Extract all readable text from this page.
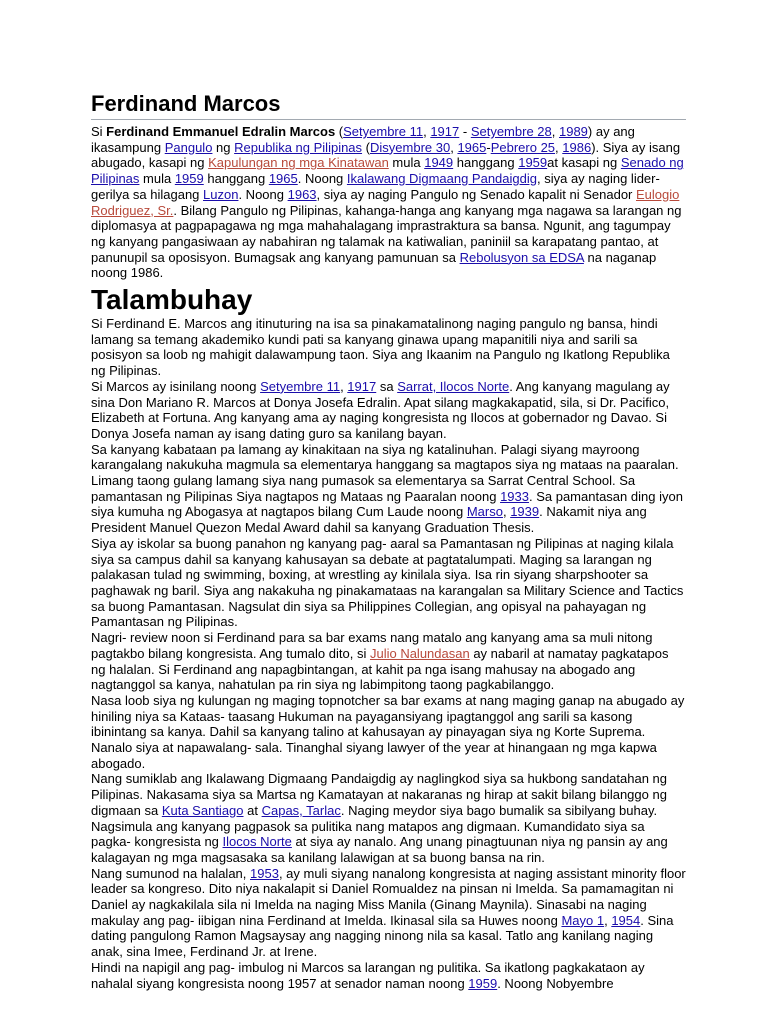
Ferdinand Marcos

Si Ferdinand Emmanuel Edralin Marcos (Setyembre 11, 1917 - Setyembre 28, 1989) ay ang ikasampung Pangulo ng Republika ng Pilipinas (Disyembre 30, 1965-Pebrero 25, 1986). Siya ay isang abugado, kasapi ng Kapulungan ng mga Kinatawan mula 1949 hanggang 1959at kasapi ng Senado ng Pilipinas mula 1959 hanggang 1965. Noong Ikalawang Digmaang Pandaigdig, siya ay naging lider-gerilya sa hilagang Luzon. Noong 1963, siya ay naging Pangulo ng Senado kapalit ni Senador Eulogio Rodriguez, Sr.. Bilang Pangulo ng Pilipinas, kahanga-hanga ang kanyang mga nagawa sa larangan ng diplomasya at pagpapagawa ng mga mahahalagang imprastraktura sa bansa. Ngunit, ang tagumpay ng kanyang pangasiwaan ay nabahiran ng talamak na katiwalian, paniniil sa karapatang pantao, at panunupil sa oposisyon. Bumagsak ang kanyang pamunuan sa Rebolusyon sa EDSA na naganap noong 1986.

Talambuhay

Si Ferdinand E. Marcos ang itinuturing na isa sa pinakamatalinong naging pangulo ng bansa, hindi lamang sa temang akademiko kundi pati sa kanyang ginawa upang mapanitili niya and sarili sa posisyon sa loob ng mahigit dalawampung taon. Siya ang Ikaanim na Pangulo ng Ikatlong Republika ng Pilipinas.

Si Marcos ay isinilang noong Setyembre 11, 1917 sa Sarrat, Ilocos Norte. Ang kanyang magulang ay sina Don Mariano R. Marcos at Donya Josefa Edralin. Apat silang magkakapatid, sila, si Dr. Pacifico, Elizabeth at Fortuna. Ang kanyang ama ay naging kongresista ng Ilocos at gobernador ng Davao. Si Donya Josefa naman ay isang dating guro sa kanilang bayan.

Sa kanyang kabataan pa lamang ay kinakitaan na siya ng katalinuhan. Palagi siyang mayroong karangalang nakukuha magmula sa elementarya hanggang sa magtapos siya ng mataas na paaralan. Limang taong gulang lamang siya nang pumasok sa elementarya sa Sarrat Central School. Sa pamantasan ng Pilipinas Siya nagtapos ng Mataas ng Paaralan noong 1933. Sa pamantasan ding iyon siya kumuha ng Abogasya at nagtapos bilang Cum Laude noong Marso, 1939. Nakamit niya ang President Manuel Quezon Medal Award dahil sa kanyang Graduation Thesis.

Siya ay iskolar sa buong panahon ng kanyang pag- aaral sa Pamantasan ng Pilipinas at naging kilala siya sa campus dahil sa kanyang kahusayan sa debate at pagtatalumpati. Maging sa larangan ng palakasan tulad ng swimming, boxing, at wrestling ay kinilala siya. Isa rin siyang sharpshooter sa paghawak ng baril. Siya ang nakakuha ng pinakamataas na karangalan sa Military Science and Tactics sa buong Pamantasan. Nagsulat din siya sa Philippines Collegian, ang opisyal na pahayagan ng Pamantasan ng Pilipinas.

Nagri- review noon si Ferdinand para sa bar exams nang matalo ang kanyang ama sa muli nitong pagtakbo bilang kongresista. Ang tumalo dito, si Julio Nalundasan ay nabaril at namatay pagkatapos ng halalan. Si Ferdinand ang napagbintangan, at kahit pa nga isang mahusay na abogado ang nagtanggol sa kanya, nahatulan pa rin siya ng labimpitong taong pagkabilanggo.

Nasa loob siya ng kulungan ng maging topnotcher sa bar exams at nang maging ganap na abugado ay hiniling niya sa Kataas- taasang Hukuman na payagansiyang ipagtanggol ang sarili sa kasong ibinintang sa kanya. Dahil sa kanyang talino at kahusayan ay pinayagan siya ng Korte Suprema. Nanalo siya at napawalang- sala. Tinanghal siyang lawyer of the year at hinangaan ng mga kapwa abogado.

Nang sumiklab ang Ikalawang Digmaang Pandaigdig ay naglingkod siya sa hukbong sandatahan ng Pilipinas. Nakasama siya sa Martsa ng Kamatayan at nakaranas ng hirap at sakit bilang bilanggo ng digmaan sa Kuta Santiago at Capas, Tarlac. Naging meydor siya bago bumalik sa sibilyang buhay.

Nagsimula ang kanyang pagpasok sa pulitika nang matapos ang digmaan. Kumandidato siya sa pagka- kongresista ng Ilocos Norte at siya ay nanalo. Ang unang pinagtuunan niya ng pansin ay ang kalagayan ng mga magsasaka sa kanilang lalawigan at sa buong bansa na rin.

Nang sumunod na halalan, 1953, ay muli siyang nanalong kongresista at naging assistant minority floor leader sa kongreso. Dito niya nakalapit si Daniel Romualdez na pinsan ni Imelda. Sa pamamagitan ni Daniel ay nagkakilala sila ni Imelda na naging Miss Manila (Ginang Maynila). Sinasabi na naging makulay ang pag- iibigan nina Ferdinand at Imelda. Ikinasal sila sa Huwes noong Mayo 1, 1954. Sina dating pangulong Ramon Magsaysay ang nagging ninong nila sa kasal. Tatlo ang kanilang naging anak, sina Imee, Ferdinand Jr. at Irene.

Hindi na napigil ang pag- imbulog ni Marcos sa larangan ng pulitika. Sa ikatlong pagkakataon ay nahalal siyang kongresista noong 1957 at senador naman noong 1959. Noong Nobyembre
